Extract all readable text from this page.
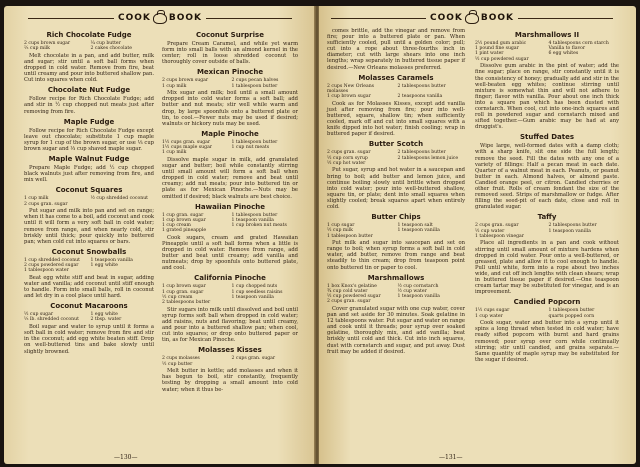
COOK BOOK
Rich Chocolate Fudge
2 cups brown sugar	¼ cup butter
⅔ cup milk	2 cakes chocolate
Melt chocolate in a pan, and add butter, milk and sugar; stir until a soft ball forms when dropped in cold water. Remove from fire, beat until creamy and pour into buttered shallow pan. Cut into squares when cold.
Chocolate Nut Fudge
Follow recipe for Rich Chocolate Fudge; add and stir in ½ cup chopped nut meats just after removing from fire.
Maple Fudge
Follow recipe for Rich Chocolate Fudge except leave out chocolate; substitute 1 cup maple syrup for 1 cup of the brown sugar, or use ⅓ cup brown sugar and ⅓ cup shaved maple sugar.
Maple Walnut Fudge
Prepare Maple Fudge; add ½ cup chopped black walnuts just after removing from fire, and mix well.
Coconut Squares
1 cup milk	½ cup shredded coconut
2 cups gran. sugar
Put sugar and milk into pan and set on range; when it has come to a boil, add coconut and cook until it will form a very soft ball in cold water; remove from range, and when nearly cold, stir briskly until thick; pour quickly into buttered pan; when cold cut into squares or bars.
Coconut Snowballs
1 cup shredded coconut	1 teaspoon vanilla
2 cups powdered sugar	1 egg white
1 tablespoon water
Beat egg white stiff and beat in sugar, adding water and vanilla; add coconut until stiff enough to handle. Form into small balls, roll in coconut and let dry in a cool place until hard.
Coconut Macaroons
½ cup sugar	1 egg white
⅓ lb. shredded coconut	2 tbsp. water
Boil sugar and water to syrup until it forms a soft ball in cold water; remove from fire and stir in the coconut; add egg white beaten stiff. Drop on well-buttered tins and bake slowly until slightly browned.
Coconut Surprise
Prepare Cream Caramel, and while yet warm form into small balls with an almond kernel in the center; roll in loose shredded coconut to thoroughly cover outside of balls.
Mexican Pinoche
2 cups brown sugar	2 cups pecan halves
1 cup milk	1 tablespoon butter
Mix sugar and milk; boil until a small amount dropped into cold water forms a soft ball; add butter and nut meats; stir well while warm and drop, by large spoonfuls onto a buttered plate or tin, to cool.—Fewer nuts may be used if desired; walnuts or hickory nuts may be used.
Maple Pinoche
1½ cups gran. sugar	1 tablespoon butter
1½ cups maple sugar	1 cup nut meats
1 cup milk
Dissolve maple sugar in milk, add granulated sugar and butter; boil while constantly stirring until small amount will form a soft ball when dropped in cold water; remove and beat until creamy; add nut meats; pour into buttered tin or plate as for Mexican Pinoche.—Nuts may be omitted if desired; black walnuts are best choice.
Hawaiian Pinoche
1 cup gran. sugar	1 tablespoon butter
1 cup brown sugar	1 teaspoon vanilla
1 cup cream	1 cup broken nut meats
1 grated pineapple
Cook sugars, cream and grated Hawaiian Pineapple until a soft ball forms when a little is dropped in cold water. Remove from range, add butter and beat until creamy; add vanilla and nutmeats; drop by spoonfuls onto buttered plate, and cool.
California Pinoche
1 cup brown sugar	1 cup chopped nuts
1 cup gran. sugar	1 cup seedless raisins
½ cup cream	1 teaspoon vanilla
2 tablespoons butter
Stir sugars into milk until dissolved and boil until syrup forms soft ball when dropped in cold water; add raisins, nuts and flavoring; beat until creamy, and pour into a buttered shallow pan; when cool, cut into squares; or drop onto buttered paper or tin, as for Mexican Pinoche.
Molasses Kisses
2 cups molasses	2 cups gran. sugar
½ cup butter
Melt butter in kettle; add molasses and when it has begun to boil, stir constantly, frequently testing by dropping a small amount into cold water; when it thus be-
—130—
COOK BOOK
comes brittle, add the vinegar and remove from fire; pour into a buttered plate or pan. When sufficiently cooled, pull until a golden color; pull; cut into a rope about three-fourths inch in diameter; cut with large shears into one inch lengths; wrap separately in buttered tissue paper if desired.—New Orleans molasses preferred.
Molasses Caramels
2 cups New Orleans molasses
2 tablespoons butter
1 cup brown sugar	2 teaspoons vanilla
Cook as for Molasses Kisses, except add vanilla just after removing from fire; pour into well-buttered, square, shallow tin; when sufficiently cooled, mark off and cut into small squares with a knife dipped into hot water; finish cooling; wrap in buttered paper if desired.
Butter Scotch
2 cups gran. sugar	2 tablespoons butter
½ cup corn syrup	2 tablespoons lemon juice
½ cup hot water
Put sugar, syrup and hot water in a saucepan and bring to boil; add butter and lemon juice, and continue boiling slowly until brittle when dropped into cold water; pour into well-buttered shallow, square tin, or plate; dent into small squares when slightly cooled; break squares apart when entirely cold.
Butter Chips
1 cup sugar	1 teaspoon salt
½ cup milk	1 teaspoon vanilla
1 tablespoon butter
Put milk and sugar into saucepan and set on range to boil; when syrup forms a soft ball in cold water, add butter, remove from range and beat steadily to thin cream; drop from teaspoon point onto buttered tin or paper to cool.
Marshmallows
1 box Knox's gelatine	½ cup cornstarch
¾ cup cold water	½ cup water
½ cup powdered sugar	1 teaspoon vanilla
2 cups gran. sugar
Cover granulated sugar with one cup water, cover pan and set aside for 30 minutes. Soak gelatine in 12 tablespoons water. Put sugar and water on range and cook until it threads; pour syrup over soaked gelatine, thoroughly mix, and add vanilla; beat briskly until cold and thick. Cut into inch squares, dust with cornstarch and sugar, and put away. Dust fruit may be added if desired.
Marshmallows II
2½ pound gum arabic	4 tablespoons corn starch
1 pound fine sugar	Vanilla to flavor
1 pint water	6 egg whites
½ cup powdered sugar
Dissolve gum arabic in the pint of water; add the fine sugar; place on range, stir constantly until it is the consistency of honey; gradually add and stir in the well-beaten egg whites; continue stirring until mixture is somewhat thin and will not adhere to finger; flavor with vanilla. Pour about one inch thick into a square pan which has been dusted with cornstarch. When cool, cut into one-inch squares and roll in powdered sugar and cornstarch mixed and sifted together.—Gum arabic may be had at any druggist's.
Stuffed Dates
Wipe large, well-formed dates with a damp cloth; with a sharp knife, slit one side the full length; remove the seed. Fill the dates with any one of a variety of fillings: Half a pecan meat in each date. Quarter of a walnut meat in each. Peanuts, or peanut butter in each. Almond halves, or almond paste. Candied orange peel, or citron. Candied cherries or other fruit. Rolls of cream fondant the size of the removed seed. Strips of marshmallow or fudge. After filling the seed-pit of each date, close and roll in granulated sugar.
Taffy
2 cups gran. sugar	2 tablespoons butter
½ cup water	1 teaspoon vanilla
1 tablespoon vinegar
Place all ingredients in a pan and cook without stirring until small amount of mixture hardens when dropped in cold water. Pour onto a well-buttered, or greased, plate and allow it to cool enough to handle. Pull until white, form into a rope about two inches wide, and cut off inch lengths with clean shears; wrap in buttered tissue paper if desired.—One teaspoon cream tartar may be substituted for vinegar, and is an improvement.
Candied Popcorn
1½ cups sugar	1 tablespoon butter
1 cup water	quarts popped corn
Cook sugar, water and butter into a syrup until it spins a long thread when tested in cold water; have ready sifted popcorn with burnt and hard grains removed; pour syrup over corn while continually stirring; stir until candied, and grains separate.—Same quantity of maple syrup may be substituted for the sugar if desired.
—131—
